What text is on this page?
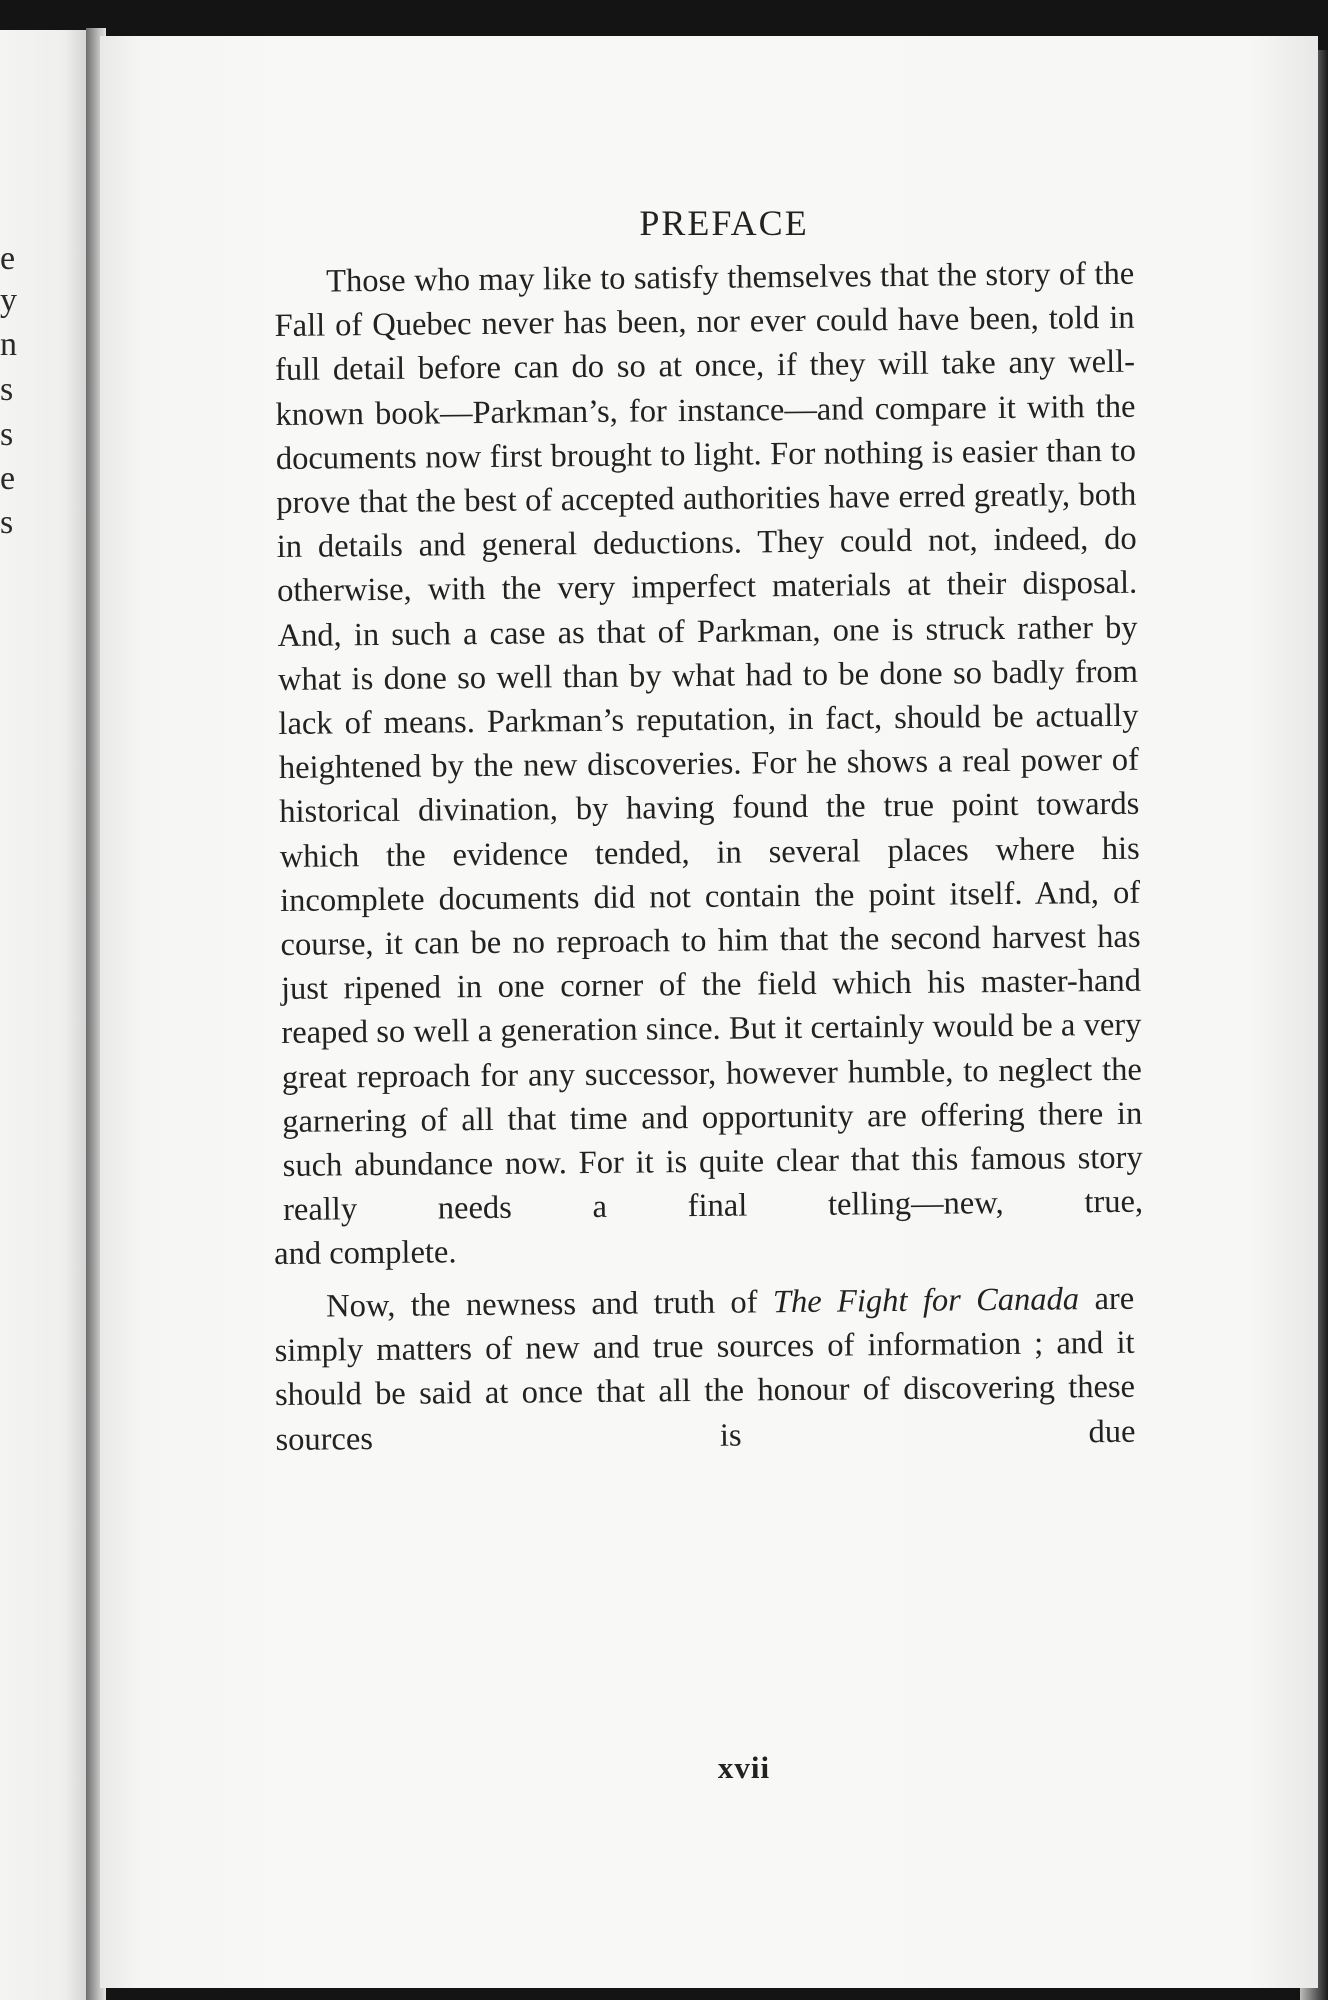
e
y
n
s
s
e
s
PREFACE

Those who may like to satisfy themselves that the story of the Fall of Quebec never has been, nor ever could have been, told in full detail before can do so at once, if they will take any well-known book—Parkman’s, for instance—and compare it with the documents now first brought to light. For nothing is easier than to prove that the best of accepted authorities have erred greatly, both in details and general deductions. They could not, indeed, do otherwise, with the very imperfect materials at their disposal. And, in such a case as that of Parkman, one is struck rather by what is done so well than by what had to be done so badly from lack of means. Parkman’s reputation, in fact, should be actually heightened by the new discoveries. For he shows a real power of historical divination, by having found the true point towards which the evidence tended, in several places where his incomplete documents did not contain the point itself. And, of course, it can be no reproach to him that the second harvest has just ripened in one corner of the field which his master-hand reaped so well a generation since. But it certainly would be a very great reproach for any successor, however humble, to neglect the garnering of all that time and opportunity are offering there in such abundance now. For it is quite clear that this famous story really needs a final telling—new, true,

and complete.

Now, the newness and truth of The Fight for Canada are simply matters of new and true sources of information ; and it should be said at once that all the honour of discovering these sources is due

xvii
